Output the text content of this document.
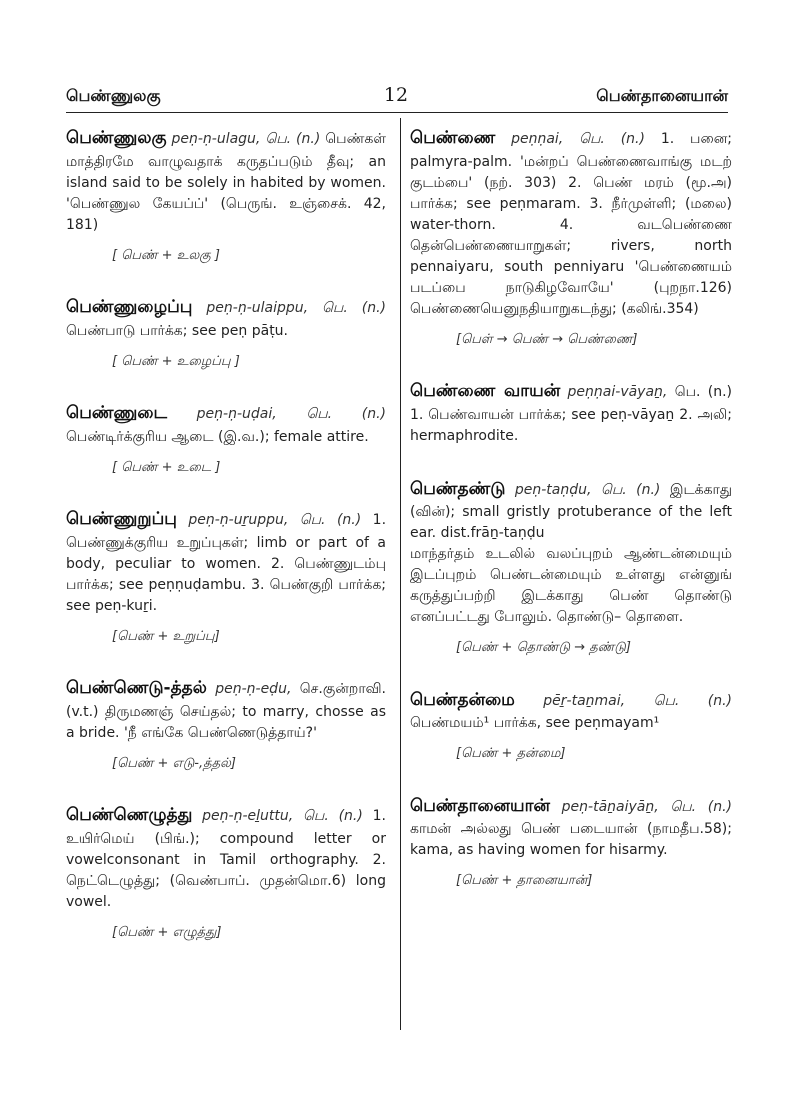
பெண்ணுலகு	12	பெண்தானையான்

பெண்ணுலகு peṇ-ṇ-ulagu, பெ. (n.) பெண்கள் மாத்திரமே வாழுவதாக் கருதப்படும் தீவு; an island said to be solely in habited by women. 'பெண்ணுல கேயப்ப்' (பெருங். உஞ்சைக். 42, 181)

[ பெண் + உலகு ]

பெண்ணுழைப்பு peṇ-ṇ-ulaippu, பெ. (n.) பெண்பாடு பார்க்க; see peṇ pāṭu.

[ பெண் + உழைப்பு ]

பெண்ணுடை peṇ-ṇ-uḍai, பெ. (n.) பெண்டிர்க்குரிய ஆடை (இ.வ.); female attire.

[ பெண் + உடை ]

பெண்ணுறுப்பு peṇ-ṇ-uṟuppu, பெ. (n.) 1. பெண்ணுக்குரிய உறுப்புகள்; limb or part of a body, peculiar to women. 2. பெண்ணுடம்பு பார்க்க; see peṇṇuḍambu. 3. பெண்குறி பார்க்க; see peṇ-kuṟi.

[பெண் + உறுப்பு]

பெண்ணெடு-த்தல் peṇ-ṇ-eḍu, செ.குன்றாவி. (v.t.) திருமணஞ் செய்தல்; to marry, chosse as a bride. 'நீ எங்கே பெண்ணெடுத்தாய்?'

[பெண் + எடு-,த்தல்]

பெண்ணெழுத்து peṇ-ṇ-eḻuttu, பெ. (n.) 1. உயிர்மெய் (பிங்.); compound letter or vowelconsonant in Tamil orthography. 2. நெட்டெழுத்து; (வெண்பாப். முதன்மொ.6) long vowel.

[பெண் + எழுத்து]

பெண்ணை peṇṇai, பெ. (n.) 1. பனை; palmyra-palm. 'மன்றப் பெண்ணைவாங்கு மடற் குடம்பை' (நற். 303) 2. பெண் மரம் (மூ.அ) பார்க்க; see peṇmaram. 3. நீர்முள்ளி; (மலை) water-thorn. 4. வடபெண்ணை தென்பெண்ணையாறுகள்; rivers, north pennaiyaru, south penniyaru 'பெண்ணையம் படப்பை நாடுகிழவோயே' (புறநா.126) பெண்ணையெனுநதியாறுகடந்து; (கலிங்.354)

[பெள் → பெண் → பெண்ணை]

பெண்ணை வாயன் peṇṇai-vāyaṉ, பெ. (n.) 1. பெண்வாயன் பார்க்க; see peṇ-vāyaṉ 2. அலி; hermaphrodite.

பெண்தண்டு peṇ-taṇḍu, பெ. (n.) இடக்காது (வின்); small gristly protuberance of the left ear. dist.frāṉ-taṇḍu

மாந்தர்தம் உடலில் வலப்புறம் ஆண்டன்மையும் இடப்புறம் பெண்டன்மையும் உள்ளது என்னுங் கருத்துப்பற்றி இடக்காது பெண் தொண்டு எனப்பட்டது போலும். தொண்டு– தொளை.

[பெண் + தொண்டு → தண்டு]

பெண்தன்மை pēṟ-taṉmai, பெ. (n.) பெண்மயம்¹ பார்க்க, see peṇmayam¹

[பெண் + தன்மை]

பெண்தானையான் peṇ-tāṉaiyāṉ, பெ. (n.) காமன் அல்லது பெண் படையான் (நாமதீப.58); kama, as having women for hisarmy.

[பெண் + தானையான்]
